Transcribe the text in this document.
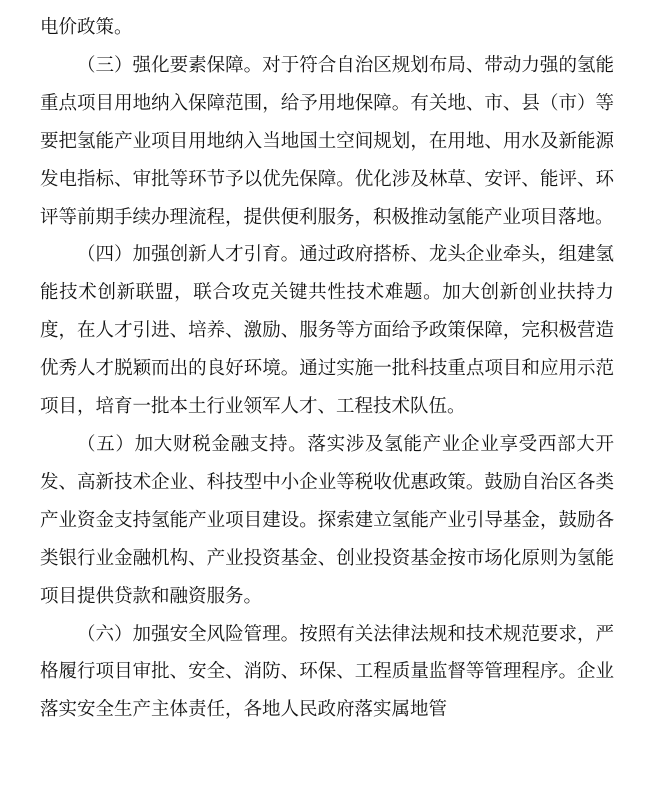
电价政策。

（三）强化要素保障。对于符合自治区规划布局、带动力强的氢能重点项目用地纳入保障范围，给予用地保障。有关地、市、县（市）等要把氢能产业项目用地纳入当地国土空间规划，在用地、用水及新能源发电指标、审批等环节予以优先保障。优化涉及林草、安评、能评、环评等前期手续办理流程，提供便利服务，积极推动氢能产业项目落地。

（四）加强创新人才引育。通过政府搭桥、龙头企业牵头，组建氢能技术创新联盟，联合攻克关键共性技术难题。加大创新创业扶持力度，在人才引进、培养、激励、服务等方面给予政策保障，完积极营造优秀人才脱颖而出的良好环境。通过实施一批科技重点项目和应用示范项目，培育一批本土行业领军人才、工程技术队伍。

（五）加大财税金融支持。落实涉及氢能产业企业享受西部大开发、高新技术企业、科技型中小企业等税收优惠政策。鼓励自治区各类产业资金支持氢能产业项目建设。探索建立氢能产业引导基金，鼓励各类银行业金融机构、产业投资基金、创业投资基金按市场化原则为氢能项目提供贷款和融资服务。

（六）加强安全风险管理。按照有关法律法规和技术规范要求，严格履行项目审批、安全、消防、环保、工程质量监督等管理程序。企业落实安全生产主体责任，各地人民政府落实属地管
